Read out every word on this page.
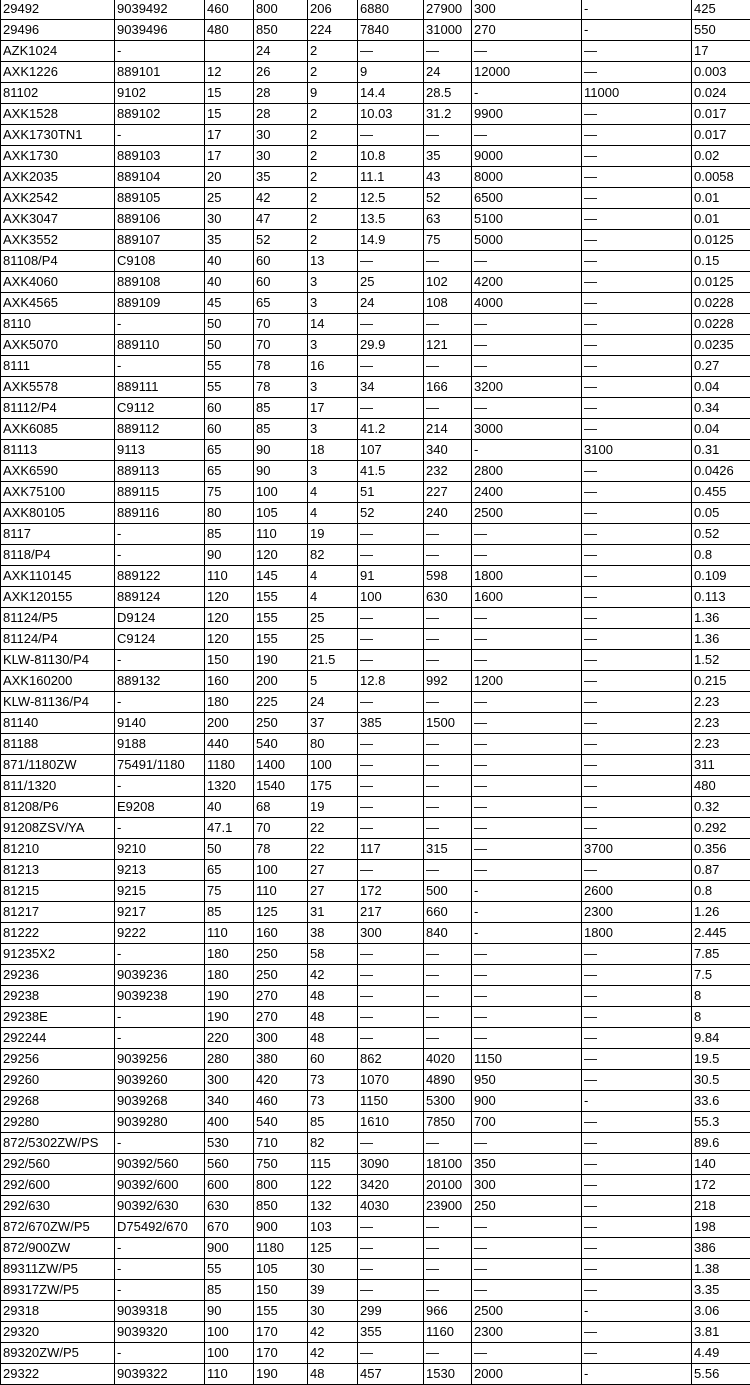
29492	9039492	460	800	206	6880	27900	300	-	425
29496	9039496	480	850	224	7840	31000	270	-	550
AZK1024	-		24	2	—	—	—	—	17
AXK1226	889101	12	26	2	9	24	12000	—	0.003
81102	9102	15	28	9	14.4	28.5	-	11000	0.024
AXK1528	889102	15	28	2	10.03	31.2	9900	—	0.017
AXK1730TN1	-	17	30	2	—	—	—	—	0.017
AXK1730	889103	17	30	2	10.8	35	9000	—	0.02
AXK2035	889104	20	35	2	11.1	43	8000	—	0.0058
AXK2542	889105	25	42	2	12.5	52	6500	—	0.01
AXK3047	889106	30	47	2	13.5	63	5100	—	0.01
AXK3552	889107	35	52	2	14.9	75	5000	—	0.0125
81108/P4	C9108	40	60	13	—	—	—	—	0.15
AXK4060	889108	40	60	3	25	102	4200	—	0.0125
AXK4565	889109	45	65	3	24	108	4000	—	0.0228
8110	-	50	70	14	—	—	—	—	0.0228
AXK5070	889110	50	70	3	29.9	121	—	—	0.0235
8111	-	55	78	16	—	—	—	—	0.27
AXK5578	889111	55	78	3	34	166	3200	—	0.04
81112/P4	C9112	60	85	17	—	—	—	—	0.34
AXK6085	889112	60	85	3	41.2	214	3000	—	0.04
81113	9113	65	90	18	107	340	-	3100	0.31
AXK6590	889113	65	90	3	41.5	232	2800	—	0.0426
AXK75100	889115	75	100	4	51	227	2400	—	0.455
AXK80105	889116	80	105	4	52	240	2500	—	0.05
8117	-	85	110	19	—	—	—	—	0.52
8118/P4	-	90	120	82	—	—	—	—	0.8
AXK110145	889122	110	145	4	91	598	1800	—	0.109
AXK120155	889124	120	155	4	100	630	1600	—	0.113
81124/P5	D9124	120	155	25	—	—	—	—	1.36
81124/P4	C9124	120	155	25	—	—	—	—	1.36
KLW-81130/P4	-	150	190	21.5	—	—	—	—	1.52
AXK160200	889132	160	200	5	12.8	992	1200	—	0.215
KLW-81136/P4	-	180	225	24	—	—	—	—	2.23
81140	9140	200	250	37	385	1500	—	—	2.23
81188	9188	440	540	80	—	—	—	—	2.23
871/1180ZW	75491/1180	1180	1400	100	—	—	—	—	311
811/1320	-	1320	1540	175	—	—	—	—	480
81208/P6	E9208	40	68	19	—	—	—	—	0.32
91208ZSV/YA	-	47.1	70	22	—	—	—	—	0.292
81210	9210	50	78	22	117	315	—	3700	0.356
81213	9213	65	100	27	—	—	—	—	0.87
81215	9215	75	110	27	172	500	-	2600	0.8
81217	9217	85	125	31	217	660	-	2300	1.26
81222	9222	110	160	38	300	840	-	1800	2.445
91235X2	-	180	250	58	—	—	—	—	7.85
29236	9039236	180	250	42	—	—	—	—	7.5
29238	9039238	190	270	48	—	—	—	—	8
29238E	-	190	270	48	—	—	—	—	8
292244	-	220	300	48	—	—	—	—	9.84
29256	9039256	280	380	60	862	4020	1150	—	19.5
29260	9039260	300	420	73	1070	4890	950	—	30.5
29268	9039268	340	460	73	1150	5300	900	-	33.6
29280	9039280	400	540	85	1610	7850	700	—	55.3
872/5302ZW/PS	-	530	710	82	—	—	—	—	89.6
292/560	90392/560	560	750	115	3090	18100	350	—	140
292/600	90392/600	600	800	122	3420	20100	300	—	172
292/630	90392/630	630	850	132	4030	23900	250	—	218
872/670ZW/P5	D75492/670	670	900	103	—	—	—	—	198
872/900ZW	-	900	1180	125	—	—	—	—	386
89311ZW/P5	-	55	105	30	—	—	—	—	1.38
89317ZW/P5	-	85	150	39	—	—	—	—	3.35
29318	9039318	90	155	30	299	966	2500	-	3.06
29320	9039320	100	170	42	355	1160	2300	—	3.81
89320ZW/P5	-	100	170	42	—	—	—	—	4.49
29322	9039322	110	190	48	457	1530	2000	-	5.56
